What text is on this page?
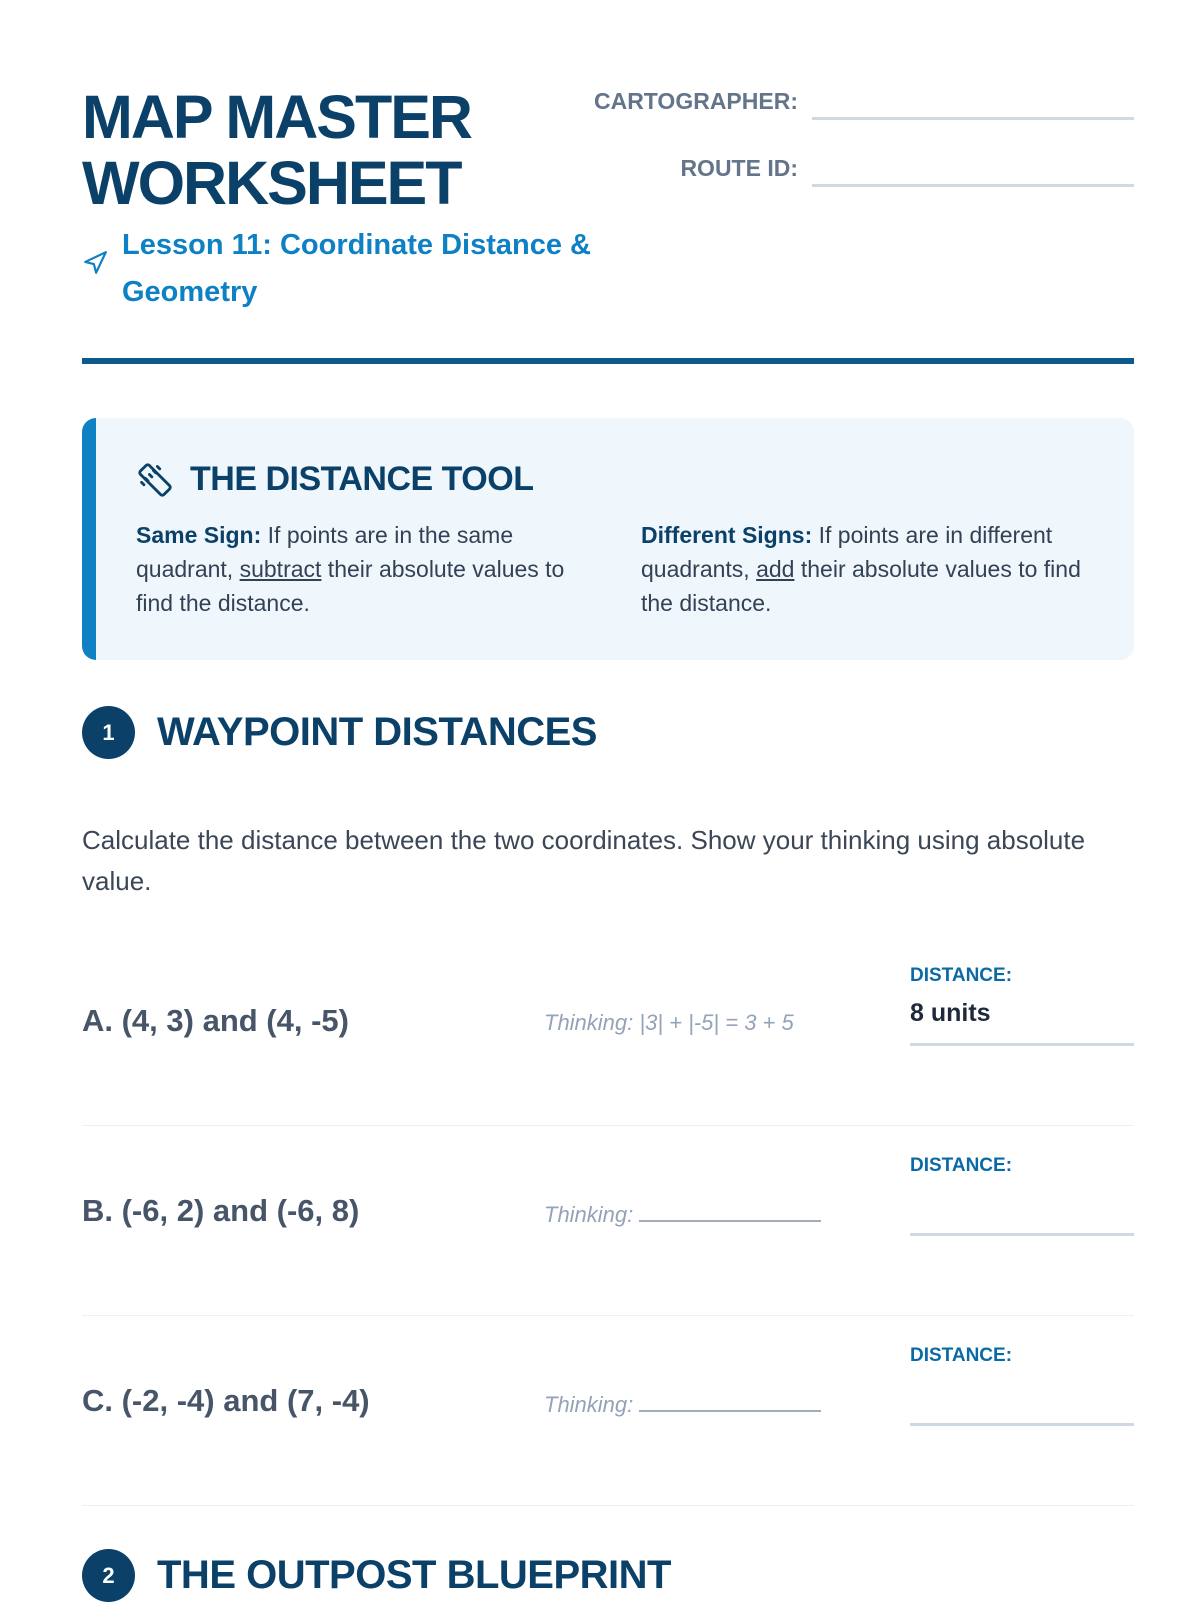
MAP MASTER
WORKSHEET
Lesson 11: Coordinate Distance & Geometry
CARTOGRAPHER:
ROUTE ID:
THE DISTANCE TOOL
Same Sign: If points are in the same quadrant, subtract their absolute values to find the distance.
Different Signs: If points are in different quadrants, add their absolute values to find the distance.
1	WAYPOINT DISTANCES
Calculate the distance between the two coordinates. Show your thinking using absolute value.
A. (4, 3) and (4, -5)	Thinking: |3| + |-5| = 3 + 5
DISTANCE:
8 units
B. (-6, 2) and (-6, 8)	Thinking:
DISTANCE:
C. (-2, -4) and (7, -4)	Thinking:
DISTANCE:
2	THE OUTPOST BLUEPRINT
